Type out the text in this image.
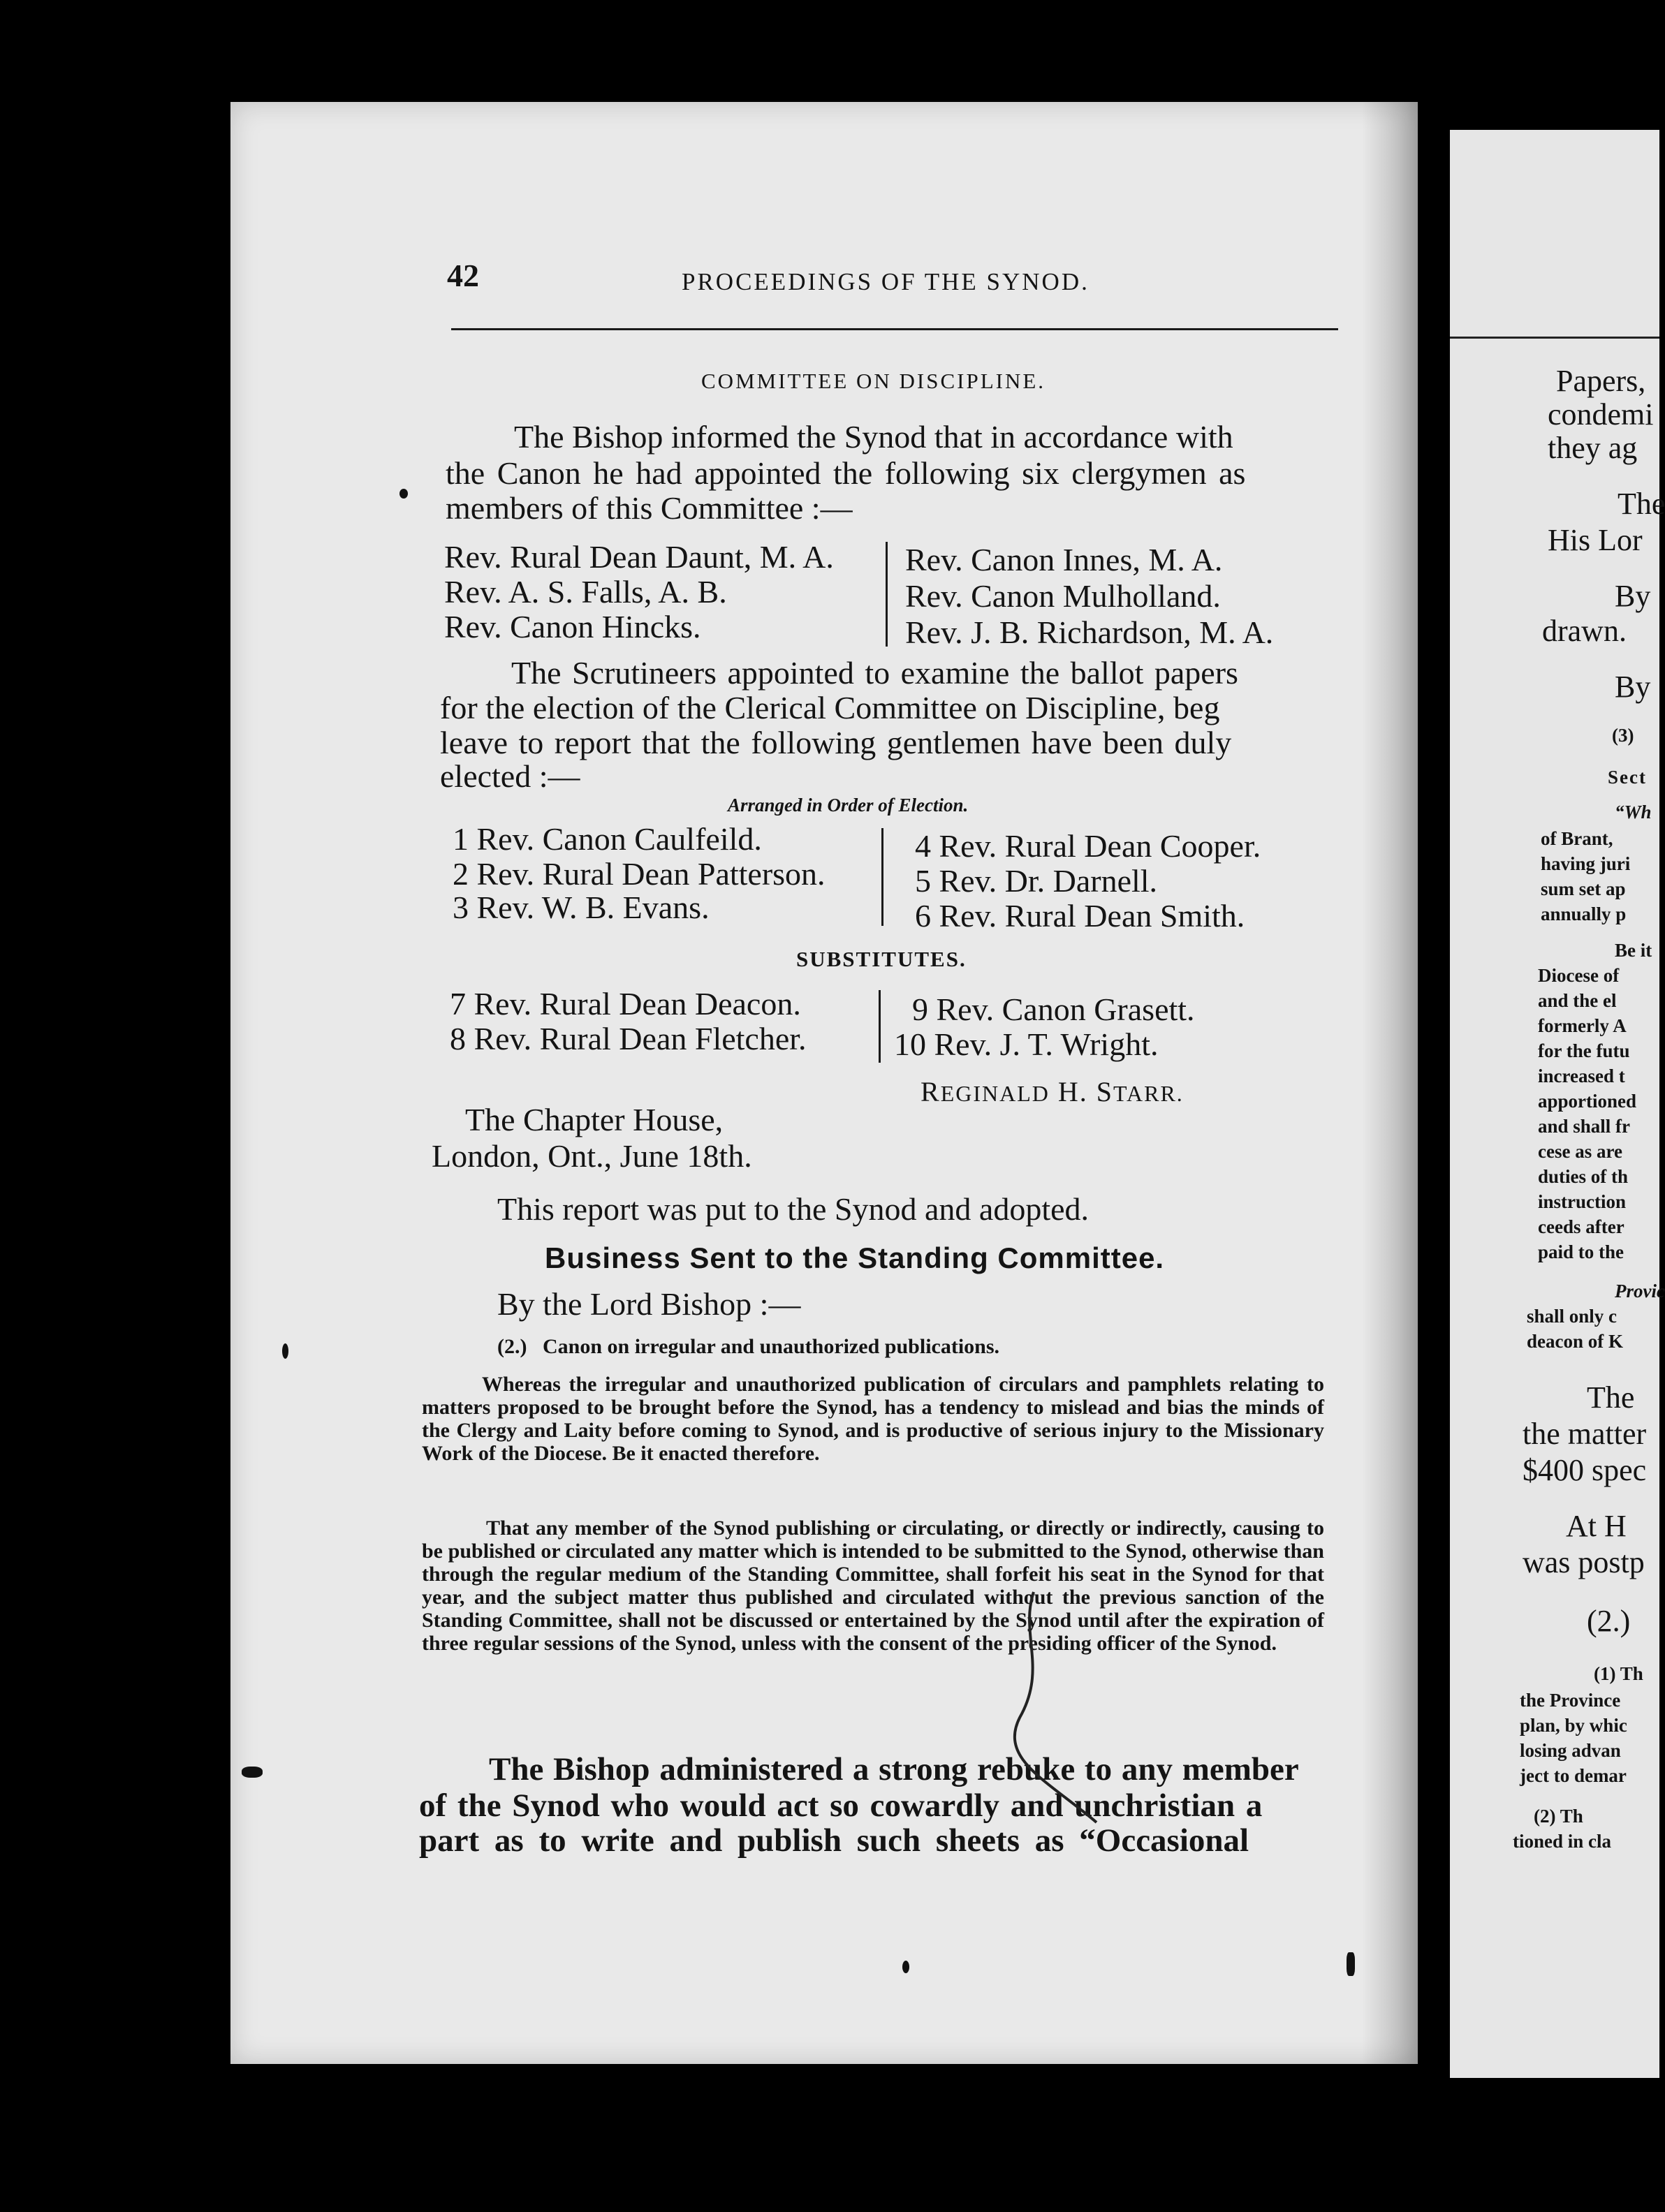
42	PROCEEDINGS OF THE SYNOD.
COMMITTEE ON DISCIPLINE.
The Bishop informed the Synod that in accordance with
the Canon he had appointed the following six clergymen as
members of this Committee :—
Rev. Rural Dean Daunt, M. A.
Rev. A. S. Falls, A. B.
Rev. Canon Hincks.
Rev. Canon Innes, M. A.
Rev. Canon Mulholland.
Rev. J. B. Richardson, M. A.
The Scrutineers appointed to examine the ballot papers
for the election of the Clerical Committee on Discipline, beg
leave to report that the following gentlemen have been duly
elected :—
Arranged in Order of Election.
1 Rev. Canon Caulfeild.
2 Rev. Rural Dean Patterson.
3 Rev. W. B. Evans.
4 Rev. Rural Dean Cooper.
5 Rev. Dr. Darnell.
6 Rev. Rural Dean Smith.
SUBSTITUTES.
7 Rev. Rural Dean Deacon.
8 Rev. Rural Dean Fletcher.
9 Rev. Canon Grasett.
10 Rev. J. T. Wright.
REGINALD H. STARR.
The Chapter House,
London, Ont., June 18th.
This report was put to the Synod and adopted.
Business Sent to the Standing Committee.
By the Lord Bishop :—
(2.) Canon on irregular and unauthorized publications.
Whereas the irregular and unauthorized publication of circulars and pamphlets relating to matters proposed to be brought before the Synod, has a tendency to mislead and bias the minds of the Clergy and Laity before coming to Synod, and is productive of serious injury to the Missionary Work of the Diocese. Be it enacted therefore.
That any member of the Synod publishing or circulating, or directly or indirectly, causing to be published or circulated any matter which is intended to be submitted to the Synod, otherwise than through the regular medium of the Standing Committee, shall forfeit his seat in the Synod for that year, and the subject matter thus published and circulated without the previous sanction of the Standing Committee, shall not be discussed or entertained by the Synod until after the expiration of three regular sessions of the Synod, unless with the consent of the presiding officer of the Synod.
The Bishop administered a strong rebuke to any member
of the Synod who would act so cowardly and unchristian a
part as to write and publish such sheets as “Occasional
Papers,
condemi
they ag
The
His Lor
By
drawn.
By
(3)
Sect
“Wh
of Brant,
having juri
sum set ap
annually p
Be it
Diocese of
and the el
formerly A
for the futu
increased t
apportioned
and shall fr
cese as are
duties of th
instruction
ceeds after
paid to the
Provic
shall only c
deacon of K
The
the matter
$400 spec
At H
was postp
(2.)
(1) Th
the Province
plan, by whic
losing advan
ject to demar
(2) Th
tioned in cla
